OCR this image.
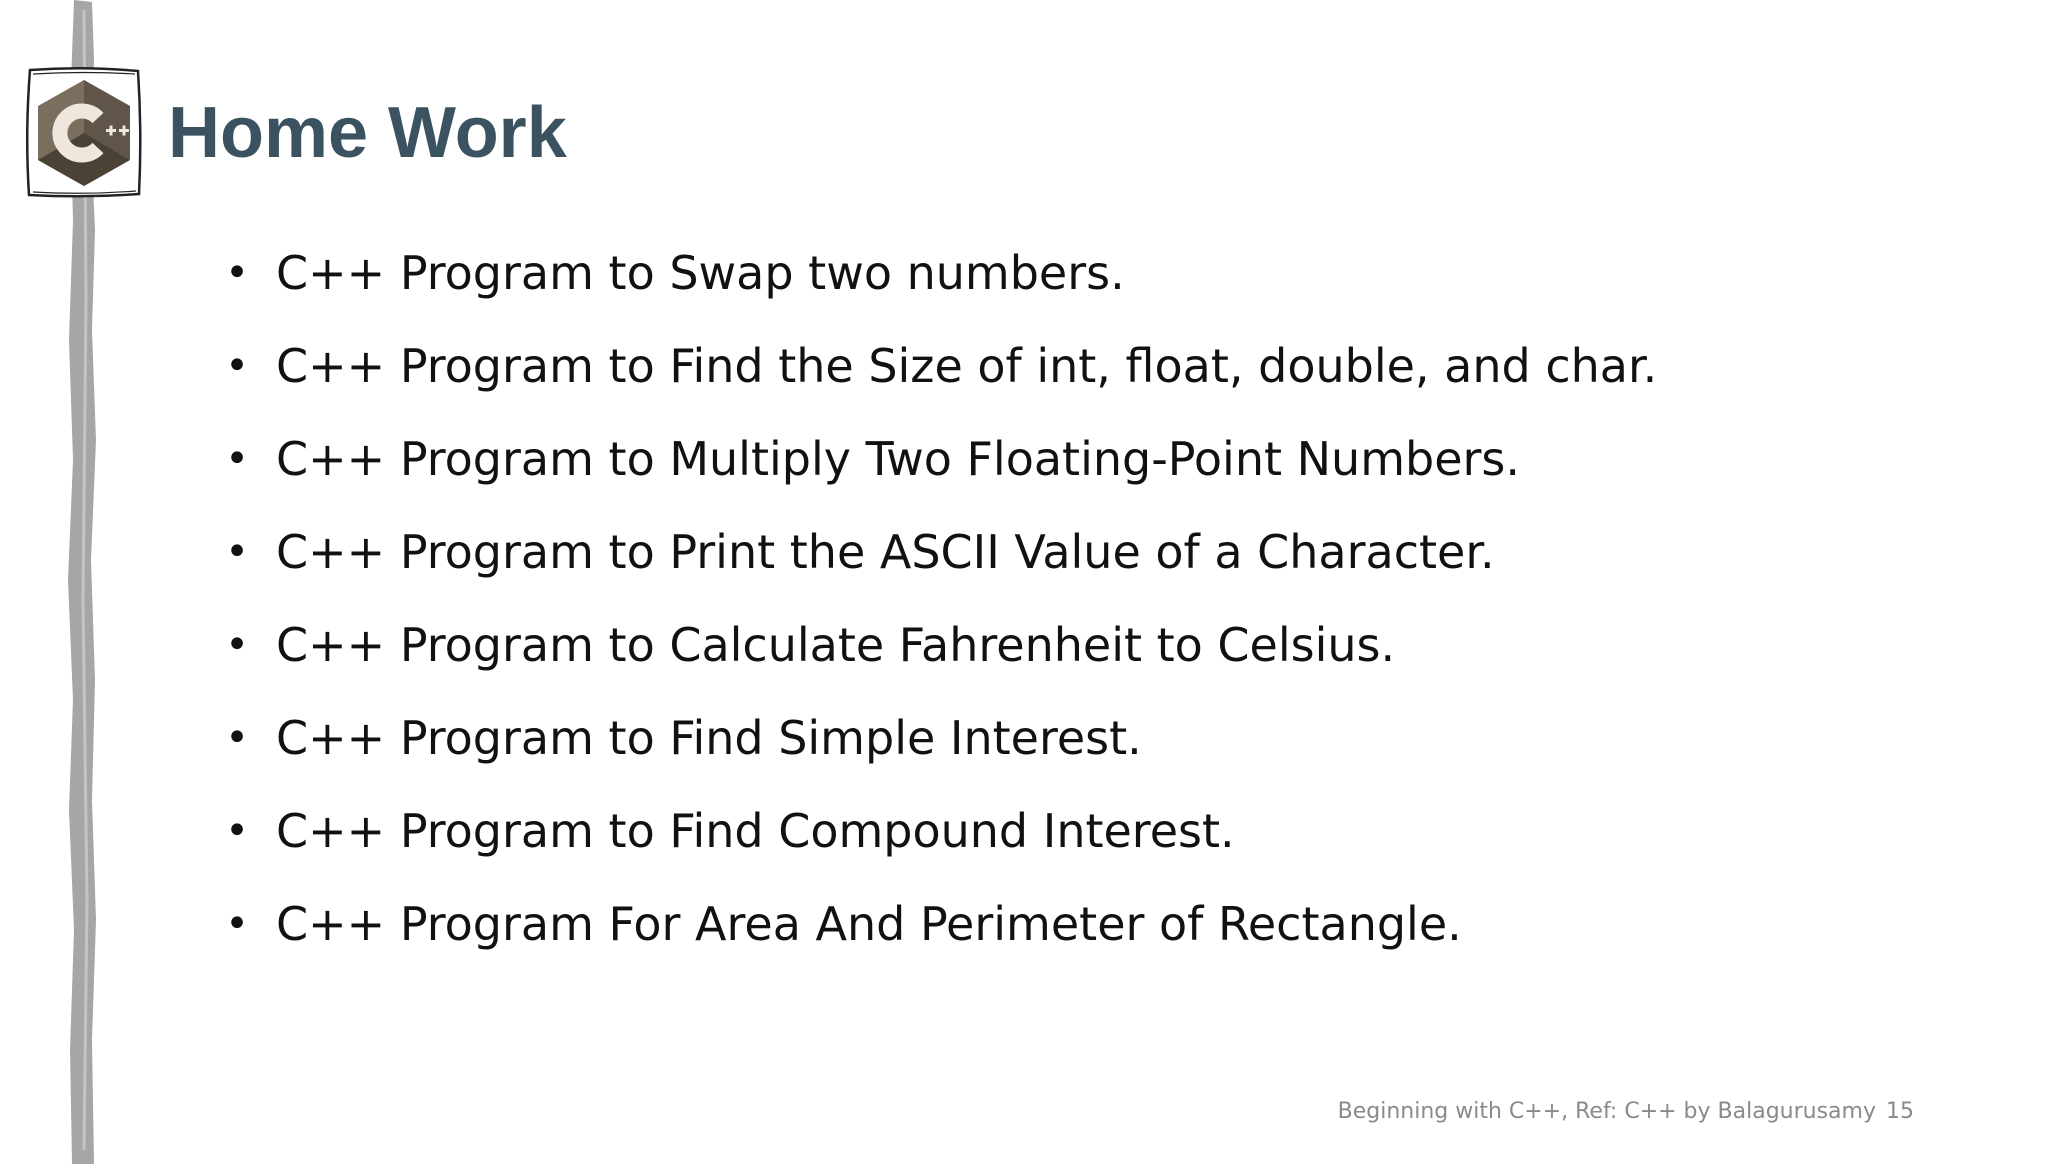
Home Work
• C++ Program to Swap two numbers.
• C++ Program to Find the Size of int, float, double, and char.
• C++ Program to Multiply Two Floating-Point Numbers.
• C++ Program to Print the ASCII Value of a Character.
• C++ Program to Calculate Fahrenheit to Celsius.
• C++ Program to Find Simple Interest.
• C++ Program to Find Compound Interest.
• C++ Program For Area And Perimeter of Rectangle.
Beginning with C++, Ref: C++ by Balagurusamy 15
